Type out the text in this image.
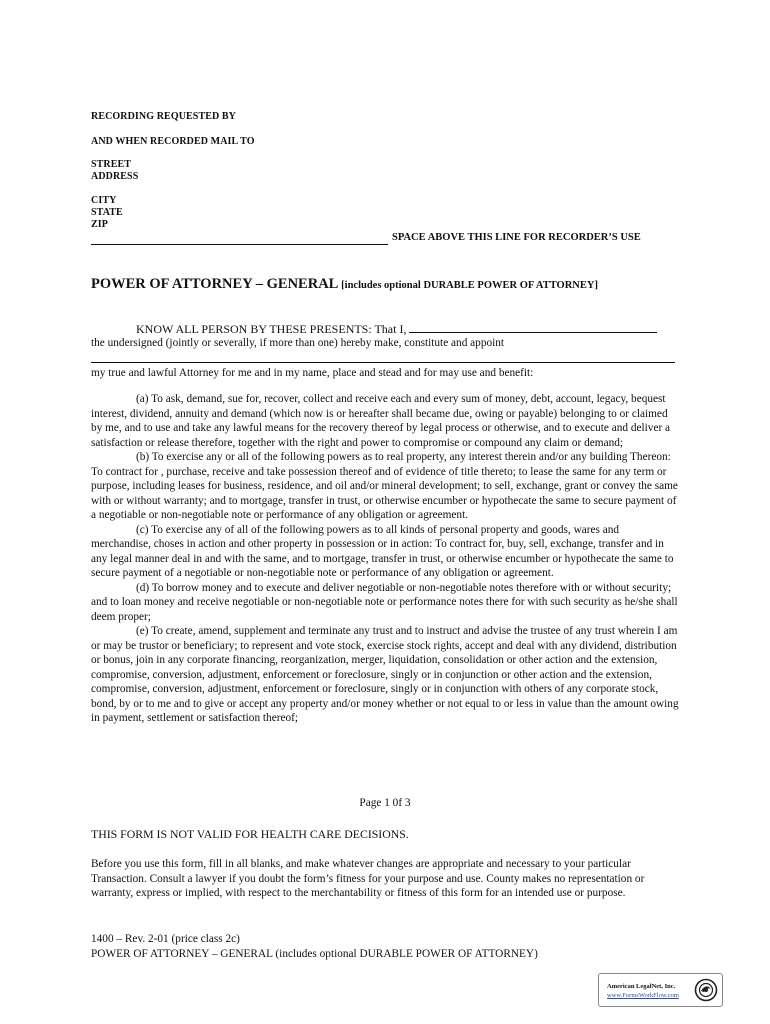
RECORDING REQUESTED BY
AND WHEN RECORDED MAIL TO
STREET
ADDRESS
CITY
STATE
ZIP
SPACE ABOVE THIS LINE FOR RECORDER’S USE
POWER OF ATTORNEY – GENERAL [includes optional DURABLE POWER OF ATTORNEY]
KNOW ALL PERSON BY THESE PRESENTS: That I,
the undersigned (jointly or severally, if more than one) hereby make, constitute and appoint
my true and lawful Attorney for me and in my name, place and stead and for may use and benefit:

(a) To ask, demand, sue for, recover, collect and receive each and every sum of money, debt, account, legacy, bequest interest, dividend, annuity and demand (which now is or hereafter shall became due, owing or payable) belonging to or claimed by me, and to use and take any lawful means for the recovery thereof by legal process or otherwise, and to execute and deliver a satisfaction or release therefore, together with the right and power to compromise or compound any claim or demand;

(b) To exercise any or all of the following powers as to real property, any interest therein and/or any building Thereon: To contract for , purchase, receive and take possession thereof and of evidence of title thereto; to lease the same for any term or purpose, including leases for business, residence, and oil and/or mineral development; to sell, exchange, grant or convey the same with or without warranty; and to mortgage, transfer in trust, or otherwise encumber or hypothecate the same to secure payment of a negotiable or non-negotiable note or performance of any obligation or agreement.

(c) To exercise any of all of the following powers as to all kinds of personal property and goods, wares and merchandise, choses in action and other property in possession or in action: To contract for, buy, sell, exchange, transfer and in any legal manner deal in and with the same, and to mortgage, transfer in trust, or otherwise encumber or hypothecate the same to secure payment of a negotiable or non-negotiable note or performance of any obligation or agreement.

(d) To borrow money and to execute and deliver negotiable or non-negotiable notes therefore with or without security; and to loan money and receive negotiable or non-negotiable note or performance notes there for with such security as he/she shall deem proper;

(e) To create, amend, supplement and terminate any trust and to instruct and advise the trustee of any trust wherein I am or may be trustor or beneficiary; to represent and vote stock, exercise stock rights, accept and deal with any dividend, distribution or bonus, join in any corporate financing, reorganization, merger, liquidation, consolidation or other action and the extension, compromise, conversion, adjustment, enforcement or foreclosure, singly or in conjunction or other action and the extension, compromise, conversion, adjustment, enforcement or foreclosure, singly or in conjunction with others of any corporate stock, bond, by or to me and to give or accept any property and/or money whether or not equal to or less in value than the amount owing in payment, settlement or satisfaction thereof;

Page 1 0f 3
THIS FORM IS NOT VALID FOR HEALTH CARE DECISIONS.
Before you use this form, fill in all blanks, and make whatever changes are appropriate and necessary to your particular Transaction. Consult a lawyer if you doubt the form’s fitness for your purpose and use. County makes no representation or warranty, express or implied, with respect to the merchantability or fitness of this form for an intended use or purpose.
1400 – Rev. 2-01 (price class 2c)
POWER OF ATTORNEY – GENERAL (includes optional DURABLE POWER OF ATTORNEY)
American LegalNet, Inc.
www.FormsWorkFlow.com
